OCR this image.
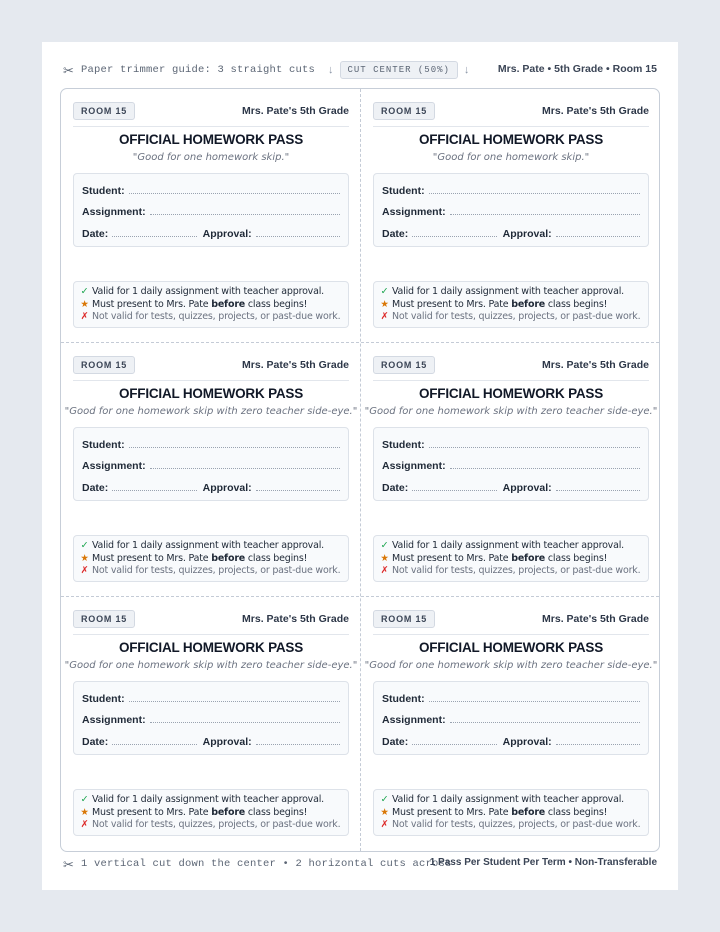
✂ Paper trimmer guide: 3 straight cuts ↓	CUT CENTER (50%)	↓	Mrs. Pate • 5th Grade • Room 15
ROOM 15	Mrs. Pate's 5th Grade
OFFICIAL HOMEWORK PASS
"Good for one homework skip."
Student:
Assignment:
Date:	Approval:
✓ Valid for 1 daily assignment with teacher approval.
★ Must present to Mrs. Pate before class begins!
✗ Not valid for tests, quizzes, projects, or past-due work.
ROOM 15	Mrs. Pate's 5th Grade
OFFICIAL HOMEWORK PASS
"Good for one homework skip."
Student:
Assignment:
Date:	Approval:
✓ Valid for 1 daily assignment with teacher approval.
★ Must present to Mrs. Pate before class begins!
✗ Not valid for tests, quizzes, projects, or past-due work.
ROOM 15	Mrs. Pate's 5th Grade
OFFICIAL HOMEWORK PASS
"Good for one homework skip with zero teacher side-eye."
Student:
Assignment:
Date:	Approval:
✓ Valid for 1 daily assignment with teacher approval.
★ Must present to Mrs. Pate before class begins!
✗ Not valid for tests, quizzes, projects, or past-due work.
ROOM 15	Mrs. Pate's 5th Grade
OFFICIAL HOMEWORK PASS
"Good for one homework skip with zero teacher side-eye."
Student:
Assignment:
Date:	Approval:
✓ Valid for 1 daily assignment with teacher approval.
★ Must present to Mrs. Pate before class begins!
✗ Not valid for tests, quizzes, projects, or past-due work.
ROOM 15	Mrs. Pate's 5th Grade
OFFICIAL HOMEWORK PASS
"Good for one homework skip with zero teacher side-eye."
Student:
Assignment:
Date:	Approval:
✓ Valid for 1 daily assignment with teacher approval.
★ Must present to Mrs. Pate before class begins!
✗ Not valid for tests, quizzes, projects, or past-due work.
ROOM 15	Mrs. Pate's 5th Grade
OFFICIAL HOMEWORK PASS
"Good for one homework skip with zero teacher side-eye."
Student:
Assignment:
Date:	Approval:
✓ Valid for 1 daily assignment with teacher approval.
★ Must present to Mrs. Pate before class begins!
✗ Not valid for tests, quizzes, projects, or past-due work.
✂ 1 vertical cut down the center • 2 horizontal cuts across
1 Pass Per Student Per Term • Non-Transferable
